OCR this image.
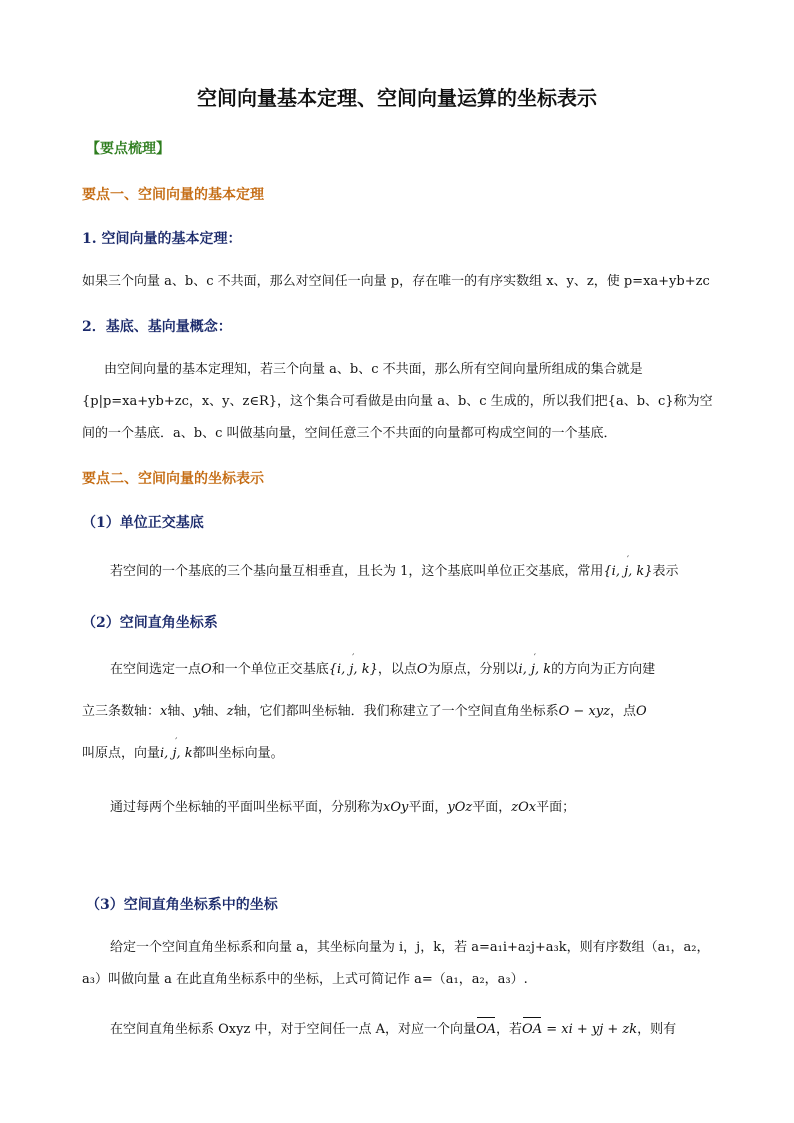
空间向量基本定理、空间向量运算的坐标表示
【要点梳理】
要点一、空间向量的基本定理
1. 空间向量的基本定理：
如果三个向量 a、b、c 不共面，那么对空间任一向量 p，存在唯一的有序实数组 x、y、z，使 p=xa+yb+zc
2．基底、基向量概念：
由空间向量的基本定理知，若三个向量 a、b、c 不共面，那么所有空间向量所组成的集合就是
{p|p=xa+yb+zc，x、y、z∈R}，这个集合可看做是由向量 a、b、c 生成的，所以我们把{a、b、c}称为空
间的一个基底．a、b、c 叫做基向量，空间任意三个不共面的向量都可构成空间的一个基底．
要点二、空间向量的坐标表示
（1）单位正交基底
若空间的一个基底的三个基向量互相垂直，且长为 1，这个基底叫单位正交基底，常用′ {i, j, k}表示
（2）空间直角坐标系
在空间选定一点O和一个单位正交基底′ {i, j, k}，以点O为原点，分别以′ i, j, k的方向为正方向建
立三条数轴：x轴、y轴、z轴，它们都叫坐标轴．我们称建立了一个空间直角坐标系O − xyz，点O
叫原点，向量′ i, j, k都叫坐标向量。
通过每两个坐标轴的平面叫坐标平面，分别称为xOy平面，yOz平面，zOx平面；
（3）空间直角坐标系中的坐标
给定一个空间直角坐标系和向量 a，其坐标向量为 i，j，k，若 a=a₁i+a₂j+a₃k，则有序数组（a₁，a₂，
a₃）叫做向量 a 在此直角坐标系中的坐标，上式可简记作 a=（a₁，a₂，a₃）.
在空间直角坐标系 Oxyz 中，对于空间任一点 A，对应一个向量OA，若OA = xi + yj + zk，则有
